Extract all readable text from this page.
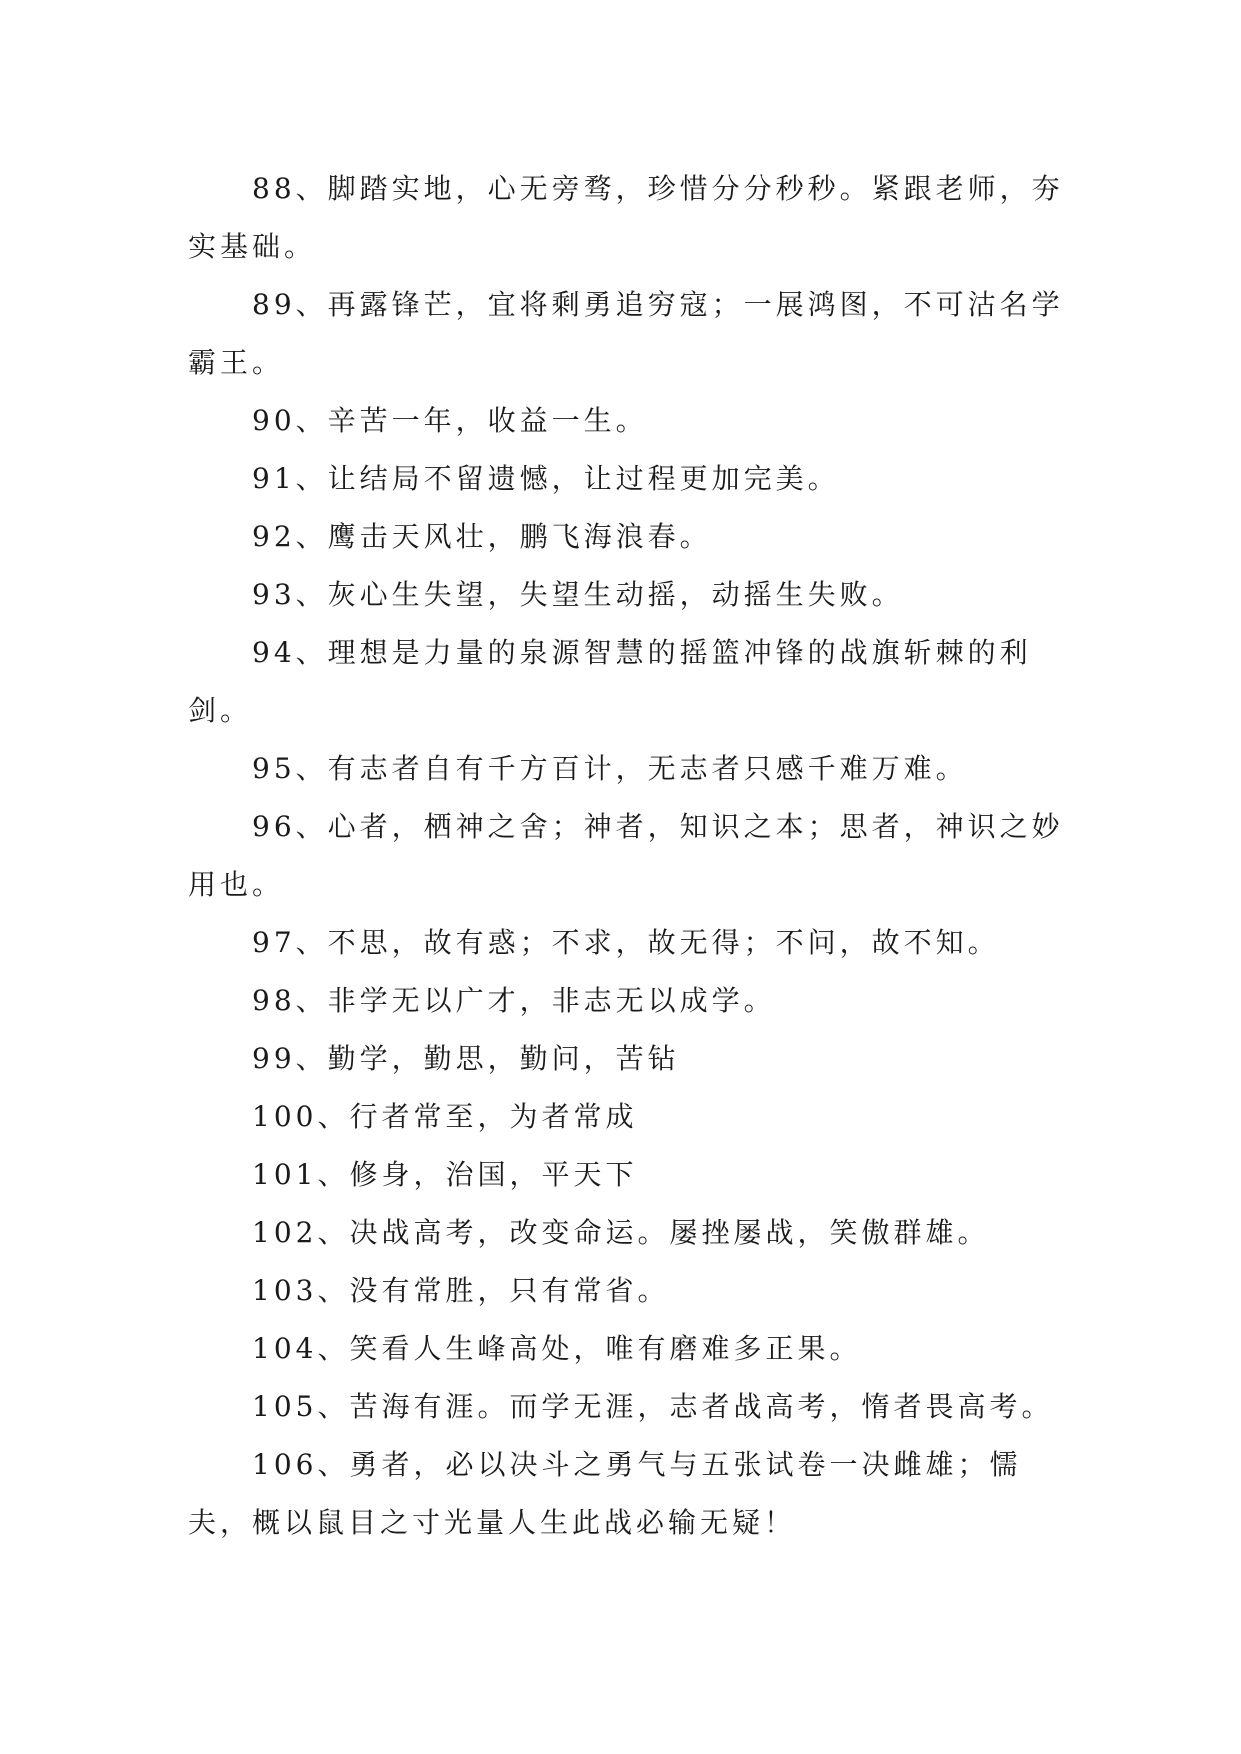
88、脚踏实地，心无旁骛，珍惜分分秒秒。紧跟老师，夯实基础。

89、再露锋芒，宜将剩勇追穷寇；一展鸿图，不可沽名学霸王。

90、辛苦一年，收益一生。

91、让结局不留遗憾，让过程更加完美。

92、鹰击天风壮，鹏飞海浪春。

93、灰心生失望，失望生动摇，动摇生失败。

94、理想是力量的泉源智慧的摇篮冲锋的战旗斩棘的利剑。

95、有志者自有千方百计，无志者只感千难万难。

96、心者，栖神之舍；神者，知识之本；思者，神识之妙用也。

97、不思，故有惑；不求，故无得；不问，故不知。

98、非学无以广才，非志无以成学。

99、勤学，勤思，勤问，苦钻

100、行者常至，为者常成

101、修身，治国，平天下

102、决战高考，改变命运。屡挫屡战，笑傲群雄。

103、没有常胜，只有常省。

104、笑看人生峰高处，唯有磨难多正果。

105、苦海有涯。而学无涯，志者战高考，惰者畏高考。

106、勇者，必以决斗之勇气与五张试卷一决雌雄；懦夫，概以鼠目之寸光量人生此战必输无疑！
